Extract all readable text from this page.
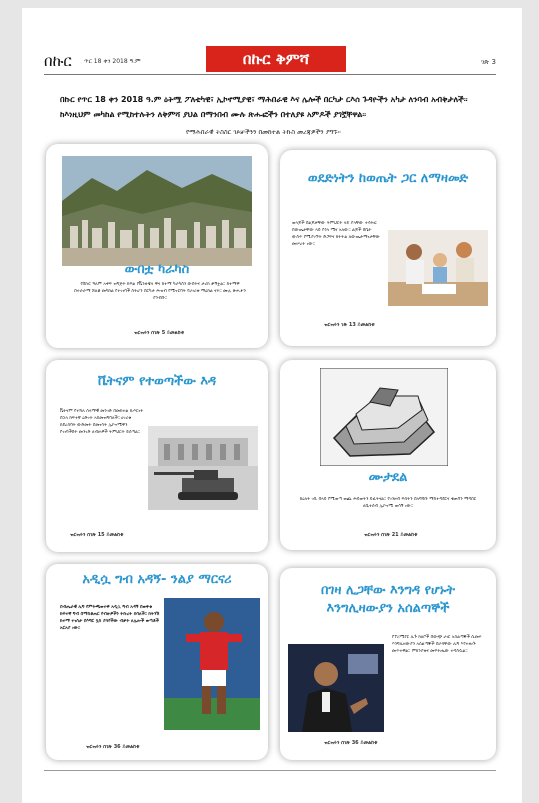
በኩር ጥር 18 ቀን 2018 ዓ.ም	በኩር ቅምሻ	ገጽ 3
በኩር የጥር 18 ቀን 2018 ዓ.ም ዕትሟ ፖለቲካዊ፣ ኢኮኖሚያዊ፣ ማሕበራዊ እና ሌሎች በርካታ ርእሰ ጉዳዮችን አካታ ለንባብ አብቅታለች። ከእነዚህም መካከል የሚከተሉትን ለቅምሻ ያህል በማንበብ ሙሉ ጽሑፎችን በተለያዩ አምዶች ያገኟቸዋል።
የማሕበራዊ ትስስር ገጾቻችንን በመከተል ትኩስ መረጃዎችን ያግኙ።
ውበቷ ካራካስ
የበኩር ዓለም አቀፍ ዝግጅት ክፍል የቬንዙዌላ ዋና ከተማ ካራካስን ውበትና ታሪክ ቃኝቷል። ከተማዋ በተራራማ ሸለቆ መካከል የተገነባች ስትሆን በርካታ ሕዝብ የሚኖርባት የሀገሪቱ ማዕከል ናት። ሙሉ ጽሑፉን ያንብቡ።
ዝርዝሩን በገጽ 5 ይመልከቱ
ወደድነትን ከወጤት ጋር ለማዛመድ
ወላጆች በልጆቻቸው ትምህርት ላይ ያላቸው ተሳትፎ በውጤታቸው ላይ የጎላ ሚና አለው። ልጆች በቤት ውስጥ የሚያገኙት ድጋፍና ክትትል ለውጤታማነታቸው መሠረት ነው።
ዝርዝሩን ገጽ 13 ይመልከቱ
ቬትናም የተወጣችው እዳ
ቬትናም የተሻለ ሰላማዊ መንገድ በመከተል ከጦርነት በኋላ ከፍተኛ ዕድገት አስመዝግባለች። ሀገሪቱ ከደረሰባት ውድመት በመነሳት ኢኮኖሚዋን የገነባችበት መንገድ ለብዙዎች ትምህርት ይሰጣል።
ዝርዝሩን በገጽ 15 ይመልከቱ
ሙታደል
ከዕለት ገቢ በላይ የሚወጣ ወጪ ሕይወትን ይፈትናል። የገንዘብ ፍሰትን በአግባቡ ማስተዳደርና ቁጠባን ማዳበር ለቤተሰብ ኢኮኖሚ ወሳኝ ነው።
ዝርዝሩን በገጽ 21 ይመልከቱ
አዲሷ ግብ አዳኝ- ንልያ ማርናሪ
በብሔራዊ ሊግ የምትጫወተዋ አዲሷ ግብ አዳኝ በወቅቱ ከፍተኛ ግብ በማስቆጠር የብዙዎችን ትኩረት ስባለች። ከትንሽ ከተማ ተነስታ በእግር ኳስ ያሳየችው ብቃት ለሌሎች ወጣቶች አርአያ ነው።
ዝርዝሩን በገጽ 36 ይመልከቱ
በገዛ ሊጋቸው እንግዳ የሆኑት እንግሊዛውያን አሰልጣኞች
የፕሪሚየር ሊጉ ክለቦች በውጭ ሀገር አሰልጣኞች ሲመሩ እንግሊዛውያን አሰልጣኞች በራሳቸው ሊግ እየተዘነጉ መጥተዋል። ምክንያቱና መፍትሔው ተዳስሷል።
ዝርዝሩን በገጽ 36 ይመልከቱ
